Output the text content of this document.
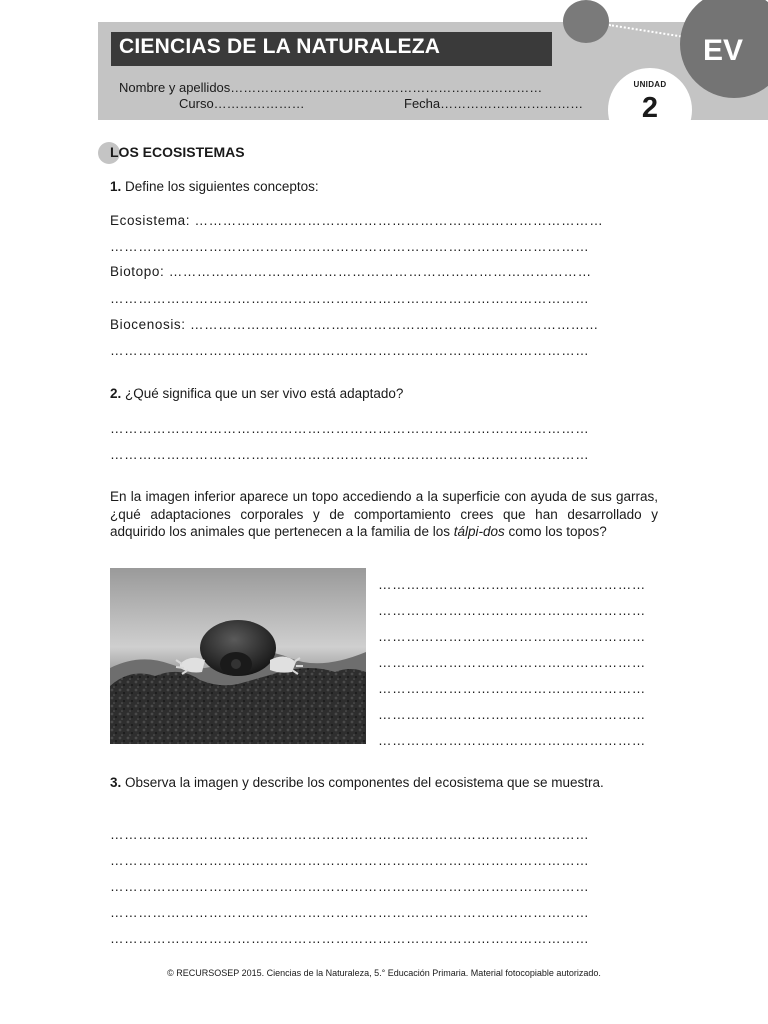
CIENCIAS DE LA NATURALEZA	EV
UNIDAD
2
Nombre y apellidos………………………………………………………………
Curso…………………	Fecha……………………………
LOS ECOSISTEMAS
1. Define los siguientes conceptos:
Ecosistema: ……………………………………………………………………………
…………………………………………………………………………………………
Biotopo: ………………………………………………………………………………
…………………………………………………………………………………………
Biocenosis: ……………………………………………………………………………
…………………………………………………………………………………………
2. ¿Qué significa que un ser vivo está adaptado?
…………………………………………………………………………………………
…………………………………………………………………………………………
En la imagen inferior aparece un topo accediendo a la superficie con ayuda de sus garras, ¿qué adaptaciones corporales y de comportamiento crees que han desarrollado y adquirido los animales que pertenecen a la familia de los tálpi-dos como los topos?
…………………………………………………
…………………………………………………
…………………………………………………
…………………………………………………
…………………………………………………
…………………………………………………
…………………………………………………
3. Observa la imagen y describe los componentes del ecosistema que se muestra.
…………………………………………………………………………………………
…………………………………………………………………………………………
…………………………………………………………………………………………
…………………………………………………………………………………………
…………………………………………………………………………………………
© RECURSOSEP 2015. Ciencias de la Naturaleza, 5.° Educación Primaria. Material fotocopiable autorizado.
